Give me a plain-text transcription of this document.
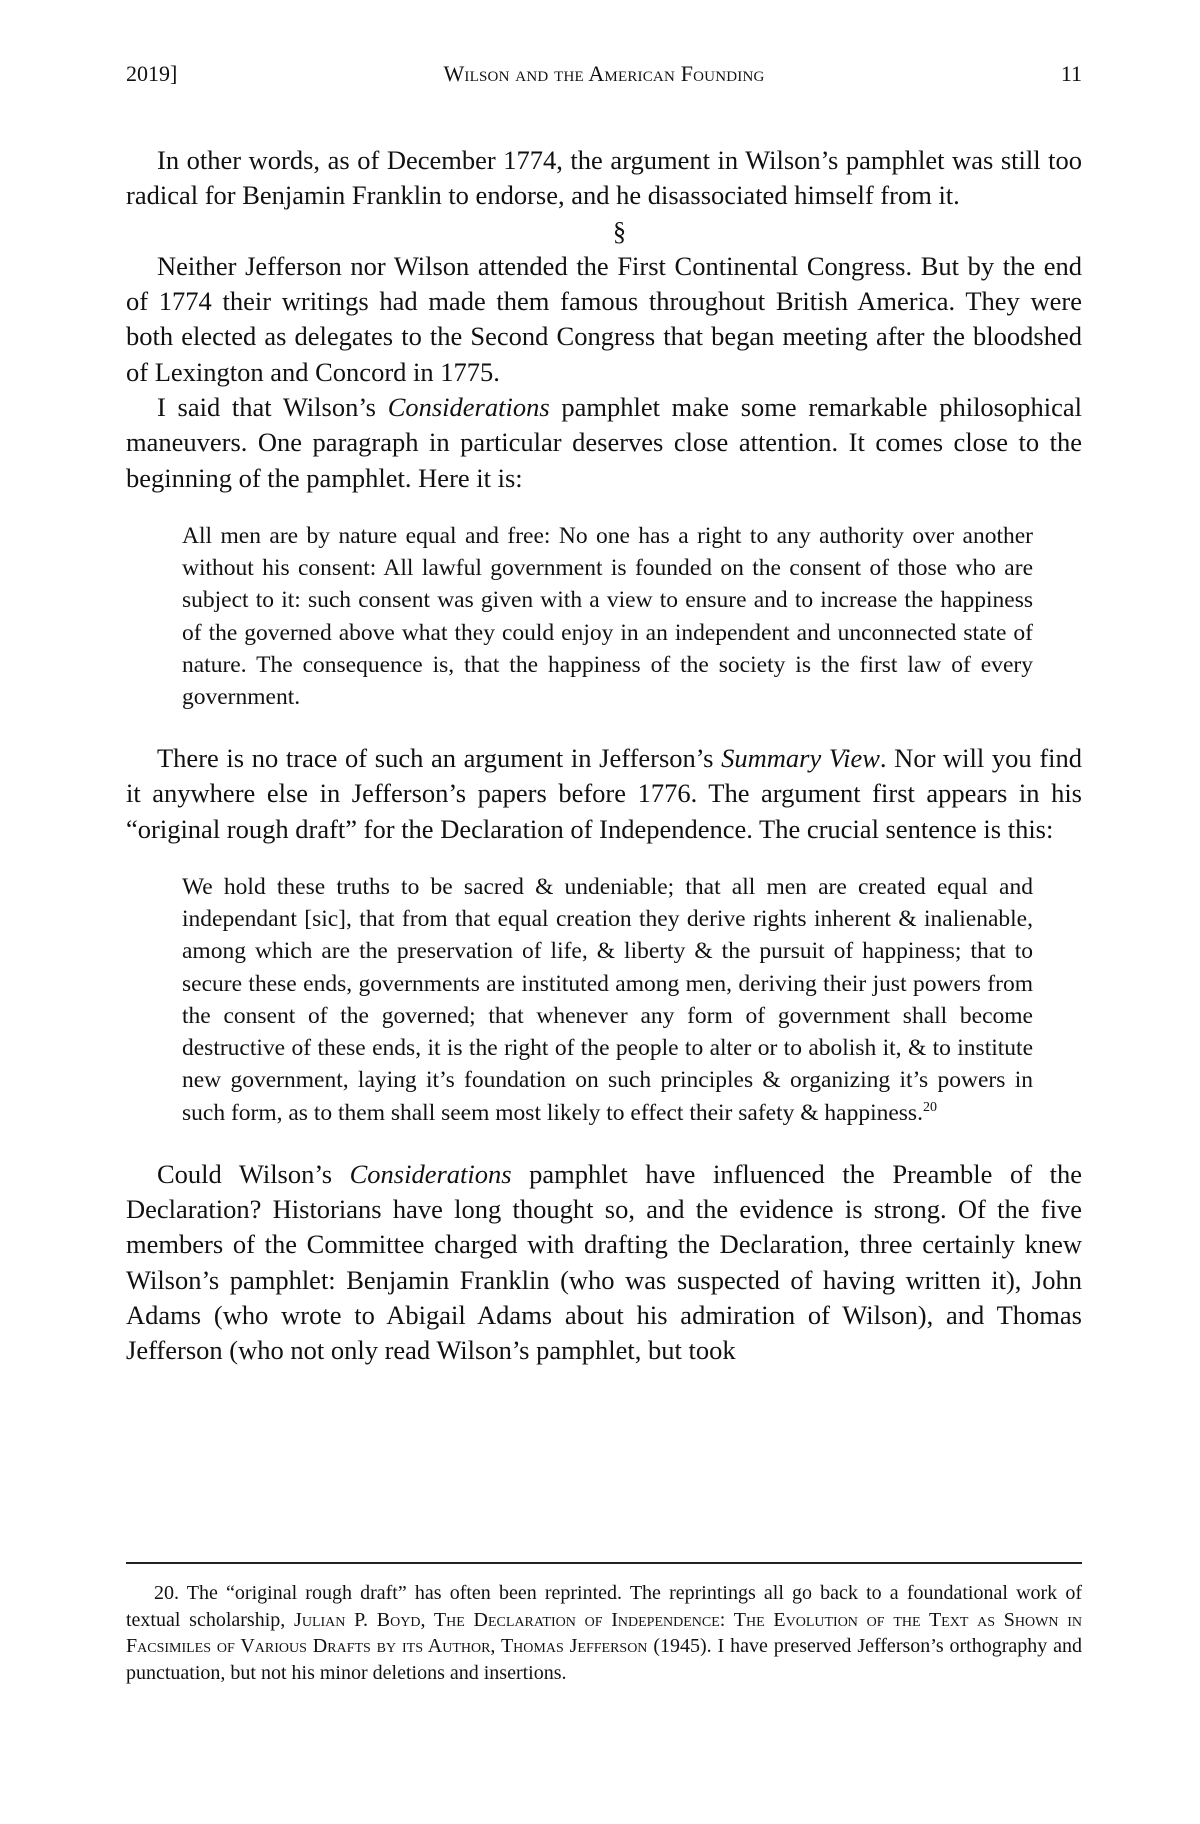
2019]	Wilson and the American Founding	11

In other words, as of December 1774, the argument in Wilson’s pamphlet was still too radical for Benjamin Franklin to endorse, and he disassociated himself from it.

§

Neither Jefferson nor Wilson attended the First Continental Congress. But by the end of 1774 their writings had made them famous throughout British America. They were both elected as delegates to the Second Congress that began meeting after the bloodshed of Lexington and Concord in 1775.

I said that Wilson’s Considerations pamphlet make some remarkable philosophical maneuvers. One paragraph in particular deserves close attention. It comes close to the beginning of the pamphlet. Here it is:

All men are by nature equal and free: No one has a right to any authority over another without his consent: All lawful government is founded on the consent of those who are subject to it: such consent was given with a view to ensure and to increase the happiness of the governed above what they could enjoy in an independent and unconnected state of nature. The consequence is, that the happiness of the society is the first law of every government.

There is no trace of such an argument in Jefferson’s Summary View. Nor will you find it anywhere else in Jefferson’s papers before 1776. The argument first appears in his “original rough draft” for the Declaration of Independence. The crucial sentence is this:

We hold these truths to be sacred & undeniable; that all men are created equal and independant [sic], that from that equal creation they derive rights inherent & inalienable, among which are the preservation of life, & liberty & the pursuit of happiness; that to secure these ends, governments are instituted among men, deriving their just powers from the consent of the governed; that whenever any form of government shall become destructive of these ends, it is the right of the people to alter or to abolish it, & to institute new government, laying it’s foundation on such principles & organizing it’s powers in such form, as to them shall seem most likely to effect their safety & happiness.$^{20}$

Could Wilson’s Considerations pamphlet have influenced the Preamble of the Declaration? Historians have long thought so, and the evidence is strong. Of the five members of the Committee charged with drafting the Declaration, three certainly knew Wilson’s pamphlet: Benjamin Franklin (who was suspected of having written it), John Adams (who wrote to Abigail Adams about his admiration of Wilson), and Thomas Jefferson (who not only read Wilson’s pamphlet, but took

20. The “original rough draft” has often been reprinted. The reprintings all go back to a foundational work of textual scholarship, Julian P. Boyd, The Declaration of Independence: The Evolution of the Text as Shown in Facsimiles of Various Drafts by its Author, Thomas Jefferson (1945). I have preserved Jefferson’s orthography and punctuation, but not his minor deletions and insertions.
